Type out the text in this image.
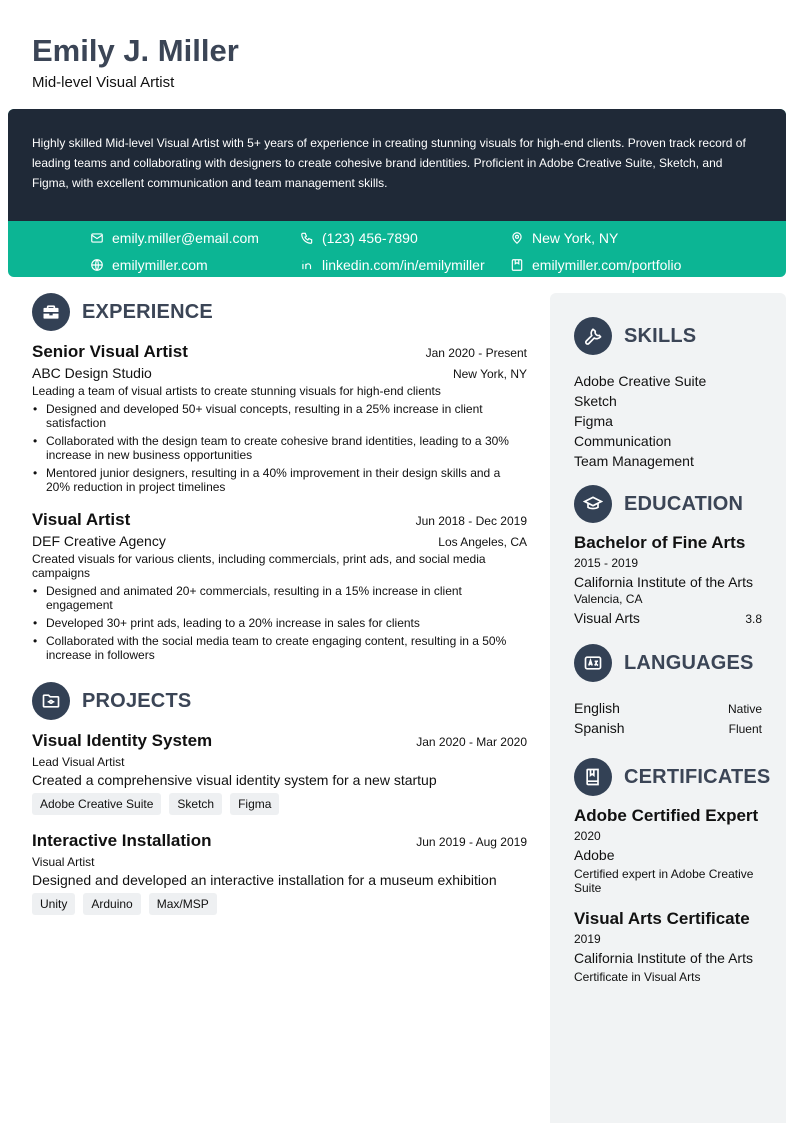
Emily J. Miller
Mid-level Visual Artist
Highly skilled Mid-level Visual Artist with 5+ years of experience in creating stunning visuals for high-end clients. Proven track record of leading teams and collaborating with designers to create cohesive brand identities. Proficient in Adobe Creative Suite, Sketch, and Figma, with excellent communication and team management skills.
emily.miller@email.com	(123) 456-7890	New York, NY
emilymiller.com	linkedin.com/in/emilymiller	emilymiller.com/portfolio
EXPERIENCE
Senior Visual Artist	Jan 2020 - Present
ABC Design Studio	New York, NY
Leading a team of visual artists to create stunning visuals for high-end clients
• Designed and developed 50+ visual concepts, resulting in a 25% increase in client satisfaction
• Collaborated with the design team to create cohesive brand identities, leading to a 30% increase in new business opportunities
• Mentored junior designers, resulting in a 40% improvement in their design skills and a 20% reduction in project timelines
Visual Artist	Jun 2018 - Dec 2019
DEF Creative Agency	Los Angeles, CA
Created visuals for various clients, including commercials, print ads, and social media campaigns
• Designed and animated 20+ commercials, resulting in a 15% increase in client engagement
• Developed 30+ print ads, leading to a 20% increase in sales for clients
• Collaborated with the social media team to create engaging content, resulting in a 50% increase in followers
PROJECTS
Visual Identity System	Jan 2020 - Mar 2020
Lead Visual Artist
Created a comprehensive visual identity system for a new startup
Adobe Creative Suite	Sketch	Figma
Interactive Installation	Jun 2019 - Aug 2019
Visual Artist
Designed and developed an interactive installation for a museum exhibition
Unity	Arduino	Max/MSP
SKILLS
Adobe Creative Suite
Sketch
Figma
Communication
Team Management
EDUCATION
Bachelor of Fine Arts
2015 - 2019
California Institute of the Arts
Valencia, CA
Visual Arts	3.8
LANGUAGES
English	Native
Spanish	Fluent
CERTIFICATES
Adobe Certified Expert
2020
Adobe
Certified expert in Adobe Creative Suite
Visual Arts Certificate
2019
California Institute of the Arts
Certificate in Visual Arts
